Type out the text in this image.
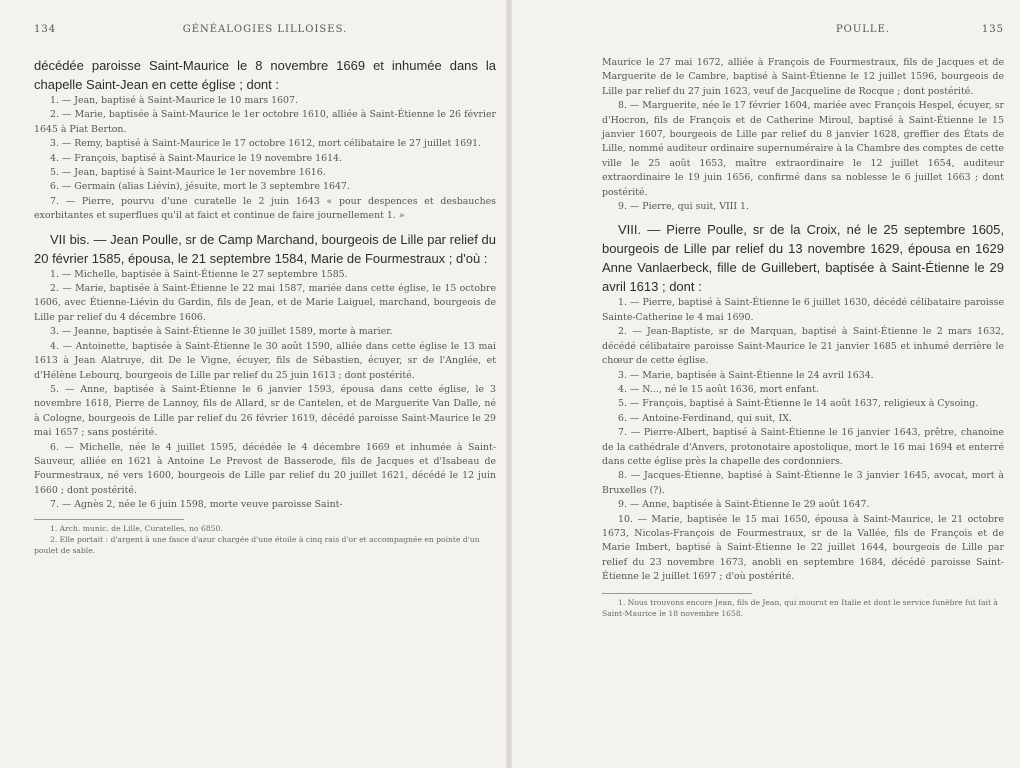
134	GÉNÉALOGIES LILLOISES.

décédée paroisse Saint-Maurice le 8 novembre 1669 et inhumée dans la chapelle Saint-Jean en cette église ; dont :

1. — Jean, baptisé à Saint-Maurice le 10 mars 1607.

2. — Marie, baptisée à Saint-Maurice le 1er octobre 1610, alliée à Saint-Étienne le 26 février 1645 à Piat Berton.

3. — Remy, baptisé à Saint-Maurice le 17 octobre 1612, mort célibataire le 27 juillet 1691.

4. — François, baptisé à Saint-Maurice le 19 novembre 1614.

5. — Jean, baptisé à Saint-Maurice le 1er novembre 1616.

6. — Germain (alias Liévin), jésuite, mort le 3 septembre 1647.

7. — Pierre, pourvu d'une curatelle le 2 juin 1643 « pour despences et desbauches exorbitantes et superflues qu'il at faict et continue de faire journellement 1. »

VII bis. — Jean Poulle, sr de Camp Marchand, bourgeois de Lille par relief du 20 février 1585, épousa, le 21 septembre 1584, Marie de Fourmestraux ; d'où :

1. — Michelle, baptisée à Saint-Étienne le 27 septembre 1585.

2. — Marie, baptisée à Saint-Étienne le 22 mai 1587, mariée dans cette église, le 15 octobre 1606, avec Étienne-Liévin du Gardin, fils de Jean, et de Marie Laiguel, marchand, bourgeois de Lille par relief du 4 décembre 1606.

3. — Jeanne, baptisée à Saint-Étienne le 30 juillet 1589, morte à marier.

4. — Antoinette, baptisée à Saint-Étienne le 30 août 1590, alliée dans cette église le 13 mai 1613 à Jean Alatruye, dit De le Vigne, écuyer, fils de Sébastien, écuyer, sr de l'Anglée, et d'Hélène Lebourq, bourgeois de Lille par relief du 25 juin 1613 ; dont postérité.

5. — Anne, baptisée à Saint-Étienne le 6 janvier 1593, épousa dans cette église, le 3 novembre 1618, Pierre de Lannoy, fils de Allard, sr de Cantelen, et de Marguerite Van Dalle, né à Cologne, bourgeois de Lille par relief du 26 février 1619, décédé paroisse Saint-Maurice le 29 mai 1657 ; sans postérité.

6. — Michelle, née le 4 juillet 1595, décédée le 4 décembre 1669 et inhumée à Saint-Sauveur, alliée en 1621 à Antoine Le Prevost de Basserode, fils de Jacques et d'Isabeau de Fourmestraux, né vers 1600, bourgeois de Lille par relief du 20 juillet 1621, décédé le 12 juin 1660 ; dont postérité.

7. — Agnès 2, née le 6 juin 1598, morte veuve paroisse Saint-

1. Arch. munic. de Lille, Curatelles, no 6850.

2. Elle portait : d'argent à une fasce d'azur chargée d'une étoile à cinq rais d'or et accompagnée en pointe d'un poulet de sable.

POULLE.	135

Maurice le 27 mai 1672, alliée à François de Fourmestraux, fils de Jacques et de Marguerite de le Cambre, baptisé à Saint-Étienne le 12 juillet 1596, bourgeois de Lille par relief du 27 juin 1623, veuf de Jacqueline de Rocque ; dont postérité.

8. — Marguerite, née le 17 février 1604, mariée avec François Hespel, écuyer, sr d'Hocron, fils de François et de Catherine Miroul, baptisé à Saint-Étienne le 15 janvier 1607, bourgeois de Lille par relief du 8 janvier 1628, greffier des États de Lille, nommé auditeur ordinaire supernuméraire à la Chambre des comptes de cette ville le 25 août 1653, maître extraordinaire le 12 juillet 1654, auditeur extraordinaire le 19 juin 1656, confirmé dans sa noblesse le 6 juillet 1663 ; dont postérité.

9. — Pierre, qui suit, VIII 1.

VIII. — Pierre Poulle, sr de la Croix, né le 25 septembre 1605, bourgeois de Lille par relief du 13 novembre 1629, épousa en 1629 Anne Vanlaerbeck, fille de Guillebert, baptisée à Saint-Étienne le 29 avril 1613 ; dont :

1. — Pierre, baptisé à Saint-Étienne le 6 juillet 1630, décédé célibataire paroisse Sainte-Catherine le 4 mai 1690.

2. — Jean-Baptiste, sr de Marquan, baptisé à Saint-Étienne le 2 mars 1632, décédé célibataire paroisse Saint-Maurice le 21 janvier 1685 et inhumé derrière le chœur de cette église.

3. — Marie, baptisée à Saint-Étienne le 24 avril 1634.

4. — N..., né le 15 août 1636, mort enfant.

5. — François, baptisé à Saint-Étienne le 14 août 1637, religieux à Cysoing.

6. — Antoine-Ferdinand, qui suit, IX.

7. — Pierre-Albert, baptisé à Saint-Étienne le 16 janvier 1643, prêtre, chanoine de la cathédrale d'Anvers, protonotaire apostolique, mort le 16 mai 1694 et enterré dans cette église près la chapelle des cordonniers.

8. — Jacques-Étienne, baptisé à Saint-Étienne le 3 janvier 1645, avocat, mort à Bruxelles (?).

9. — Anne, baptisée à Saint-Étienne le 29 août 1647.

10. — Marie, baptisée le 15 mai 1650, épousa à Saint-Maurice, le 21 octobre 1673, Nicolas-François de Fourmestraux, sr de la Vallée, fils de François et de Marie Imbert, baptisé à Saint-Étienne le 22 juillet 1644, bourgeois de Lille par relief du 23 novembre 1673, anobli en septembre 1684, décédé paroisse Saint-Étienne le 2 juillet 1697 ; d'où postérité.

1. Nous trouvons encore Jean, fils de Jean, qui mourut en Italie et dont le service funèbre fut fait à Saint-Maurice le 18 novembre 1658.
